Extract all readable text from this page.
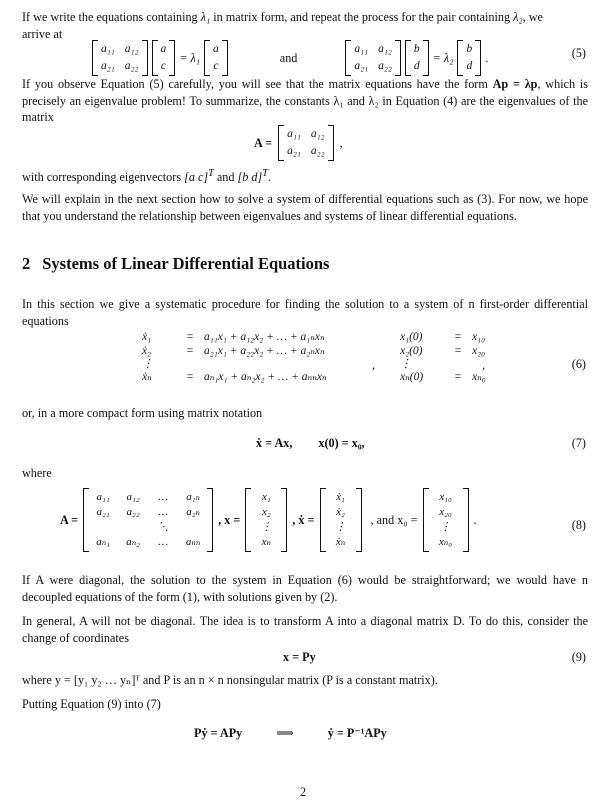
If we write the equations containing λ₁ in matrix form, and repeat the process for the pair containing λ₂, we
arrive at

a₁₁ a₁₂
a₂₁ a₂₂
a
c
= λ₁
a
c
and
a₁₁ a₁₂
a₂₁ a₂₂
b
d
= λ₂
b
d
.	(5)

If you observe Equation (5) carefully, you will see that the matrix equations have the form Ap = λp, which is precisely an eigenvalue problem! To summarize, the constants λ₁ and λ₂ in Equation (4) are the eigenvalues of the matrix

A =
a₁₁ a₁₂
a₂₁ a₂₂
,

with corresponding eigenvectors [a c]$^T$ and [b d]$^T$.

We will explain in the next section how to solve a system of differential equations such as (3). For now, we hope that you understand the relationship between eigenvalues and systems of linear differential equations.

2 Systems of Linear Differential Equations

In this section we give a systematic procedure for finding the solution to a system of n first-order differential equations

ẋ₁	= a₁₁x₁ + a₁₂x₂ + … + a₁ₙxₙ	x₁(0)	= x₁₀
ẋ₂	= a₂₁x₁ + a₂₂x₂ + … + a₂ₙxₙ	x₂(0)	= x₂₀
⋮	⋮
ẋₙ	= aₙ₁x₁ + aₙ₂x₂ + … + aₙₙxₙ	xₙ(0)	= xₙ₀
,	,	(6)

or, in a more compact form using matrix notation

ẋ = Ax, x(0) = x₀,	(7)

where

A =
a₁₁	a₁₂	…	a₁ₙ
a₂₁	a₂₂	…	a₂ₙ
⋱
aₙ₁ aₙ₂	…	aₙₙ
, x =
x₁
x₂
⋮
xₙ
, ẋ =
ẋ₁
ẋ₂
⋮
ẋₙ
, and x₀ =
x₁₀
x₂₀
⋮
xₙ₀
.	(8)

If A were diagonal, the solution to the system in Equation (6) would be straightforward; we would have n decoupled equations of the form (1), with solutions given by (2).

In general, A will not be diagonal. The idea is to transform A into a diagonal matrix D. To do this, consider the change of coordinates

x = Py	(9)

where y = [y₁ y₂ … yₙ]ᵀ and P is an n × n nonsingular matrix (P is a constant matrix).

Putting Equation (9) into (7)

Pẏ = APy	⟹	ẏ = P⁻¹APy
2
